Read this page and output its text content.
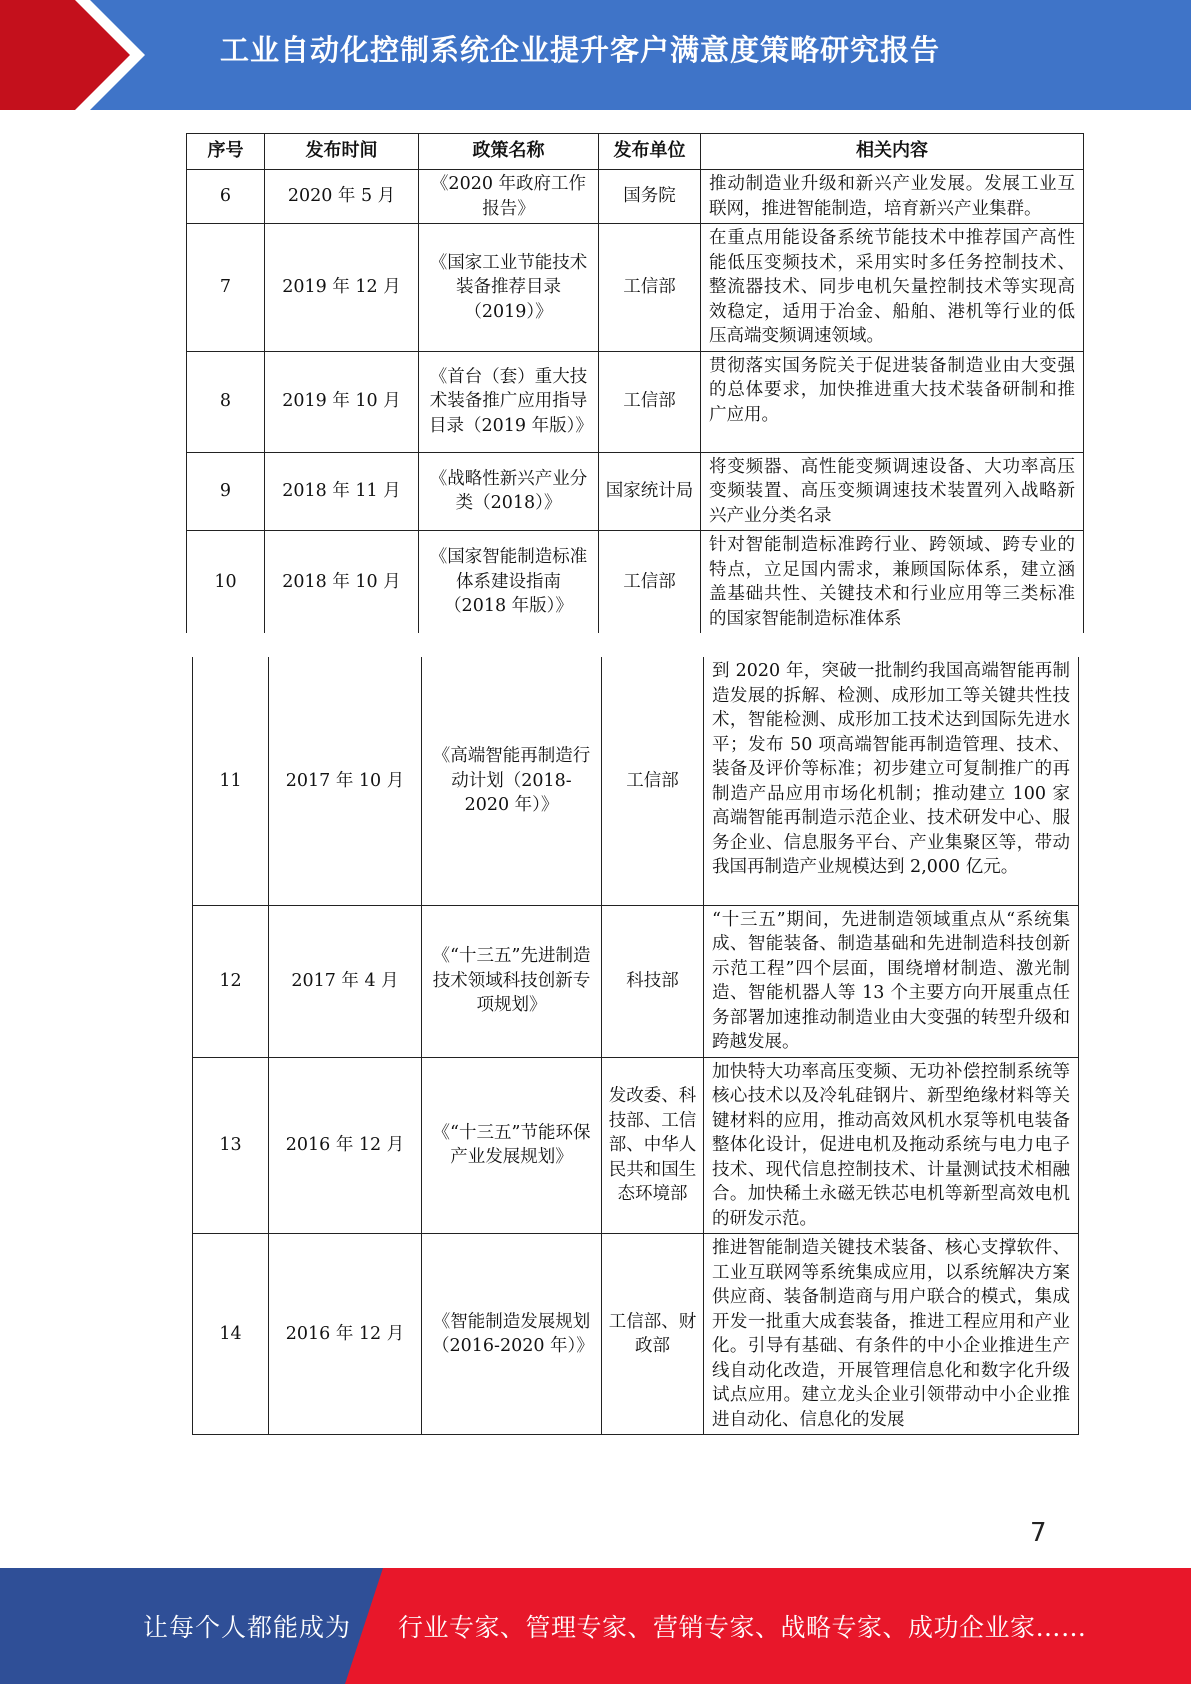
工业自动化控制系统企业提升客户满意度策略研究报告
序号	发布时间	政策名称	发布单位	相关内容
6	2020 年 5 月	《2020 年政府工作报告》	国务院	推动制造业升级和新兴产业发展。发展工业互联网，推进智能制造，培育新兴产业集群。
7	2019 年 12 月	《国家工业节能技术装备推荐目录（2019）》	工信部	在重点用能设备系统节能技术中推荐国产高性能低压变频技术，采用实时多任务控制技术、整流器技术、同步电机矢量控制技术等实现高效稳定，适用于冶金、船舶、港机等行业的低压高端变频调速领域。
8	2019 年 10 月	《首台（套）重大技术装备推广应用指导目录（2019 年版）》	工信部	贯彻落实国务院关于促进装备制造业由大变强的总体要求，加快推进重大技术装备研制和推广应用。
9	2018 年 11 月	《战略性新兴产业分类（2018）》	国家统计局	将变频器、高性能变频调速设备、大功率高压变频装置、高压变频调速技术装置列入战略新兴产业分类名录
10	2018 年 10 月	《国家智能制造标准体系建设指南（2018 年版）》	工信部	针对智能制造标准跨行业、跨领域、跨专业的特点，立足国内需求，兼顾国际体系，建立涵盖基础共性、关键技术和行业应用等三类标准的国家智能制造标准体系
11	2017 年 10 月	《高端智能再制造行动计划（2018-2020 年）》	工信部	到 2020 年，突破一批制约我国高端智能再制造发展的拆解、检测、成形加工等关键共性技术，智能检测、成形加工技术达到国际先进水平；发布 50 项高端智能再制造管理、技术、装备及评价等标准；初步建立可复制推广的再制造产品应用市场化机制；推动建立 100 家高端智能再制造示范企业、技术研发中心、服务企业、信息服务平台、产业集聚区等，带动我国再制造产业规模达到 2,000 亿元。
12	2017 年 4 月	《“十三五”先进制造技术领域科技创新专项规划》	科技部	“十三五”期间，先进制造领域重点从“系统集成、智能装备、制造基础和先进制造科技创新示范工程”四个层面，围绕增材制造、激光制造、智能机器人等 13 个主要方向开展重点任务部署加速推动制造业由大变强的转型升级和跨越发展。
13	2016 年 12 月	《“十三五”节能环保产业发展规划》	发改委、科技部、工信部、中华人民共和国生态环境部	加快特大功率高压变频、无功补偿控制系统等核心技术以及冷轧硅钢片、新型绝缘材料等关键材料的应用，推动高效风机水泵等机电装备整体化设计，促进电机及拖动系统与电力电子技术、现代信息控制技术、计量测试技术相融合。加快稀土永磁无铁芯电机等新型高效电机的研发示范。
14	2016 年 12 月	《智能制造发展规划（2016-2020 年）》	工信部、财政部	推进智能制造关键技术装备、核心支撑软件、工业互联网等系统集成应用，以系统解决方案供应商、装备制造商与用户联合的模式，集成开发一批重大成套装备，推进工程应用和产业化。引导有基础、有条件的中小企业推进生产线自动化改造，开展管理信息化和数字化升级试点应用。建立龙头企业引领带动中小企业推进自动化、信息化的发展
7
让每个人都能成为 行业专家、管理专家、营销专家、战略专家、成功企业家……
